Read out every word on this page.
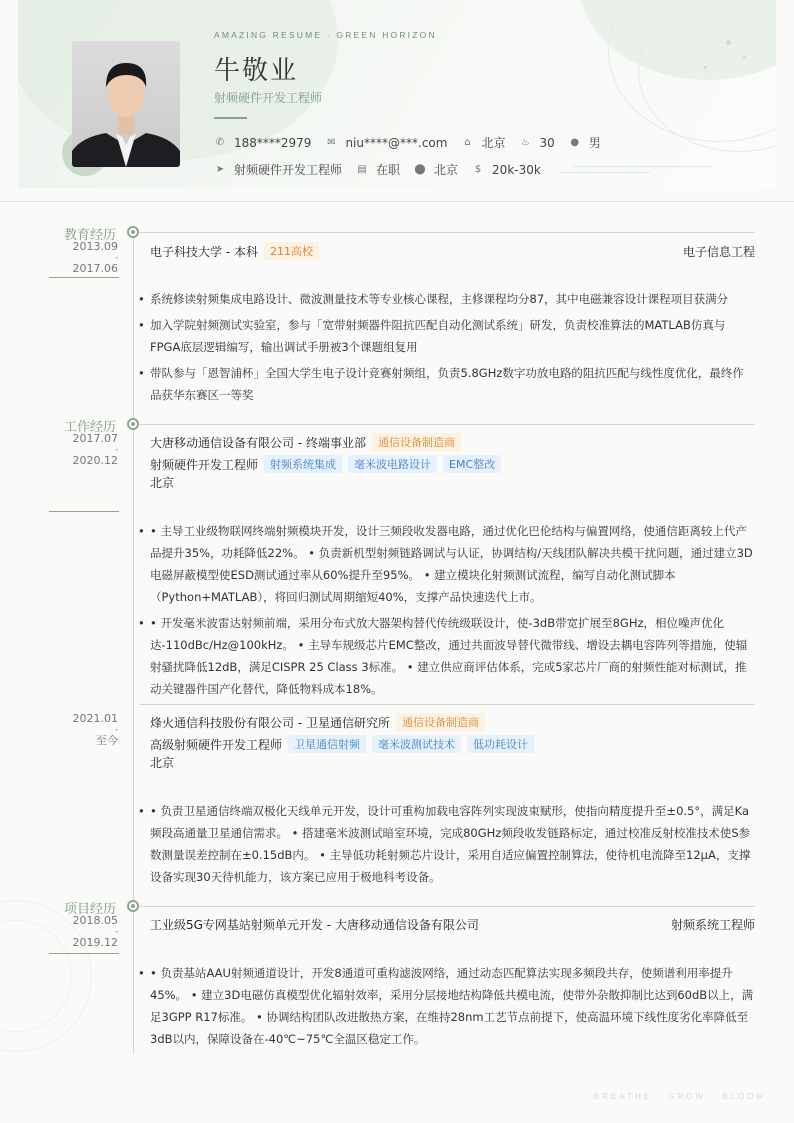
AMAZING RESUME · GREEN HORIZON
牛敬业
射频硬件开发工程师
✆ 188****2979 ✉ niu****@***.com ⌂ 北京 ♨ 30 ● 男
➤ 射频硬件开发工程师 ▤ 在职 ⬤ 北京 $ 20k-30k
教育经历
2013.09
-
2017.06
电子科技大学 - 本科	211高校	电子信息工程
• 系统修读射频集成电路设计、微波测量技术等专业核心课程，主修课程均分87，其中电磁兼容设计课程项目获满分
• 加入学院射频测试实验室，参与「宽带射频器件阻抗匹配自动化测试系统」研发，负责校准算法的MATLAB仿真与FPGA底层逻辑编写，输出调试手册被3个课题组复用
• 带队参与「恩智浦杯」全国大学生电子设计竞赛射频组，负责5.8GHz数字功放电路的阻抗匹配与线性度优化，最终作品获华东赛区一等奖
工作经历
2017.07
-
2020.12
大唐移动通信设备有限公司 - 终端事业部	通信设备制造商
射频硬件开发工程师	射频系统集成	毫米波电路设计	EMC整改
北京
• • 主导工业级物联网终端射频模块开发，设计三频段收发器电路，通过优化巴伦结构与偏置网络，使通信距离较上代产品提升35%，功耗降低22%。 • 负责新机型射频链路调试与认证，协调结构/天线团队解决共模干扰问题，通过建立3D电磁屏蔽模型使ESD测试通过率从60%提升至95%。 • 建立模块化射频测试流程，编写自动化测试脚本（Python+MATLAB），将回归测试周期缩短40%，支撑产品快速迭代上市。
• • 开发毫米波雷达射频前端，采用分布式放大器架构替代传统级联设计，使-3dB带宽扩展至8GHz，相位噪声优化达-110dBc/Hz@100kHz。 • 主导车规级芯片EMC整改，通过共面波导替代微带线、增设去耦电容阵列等措施，使辐射骚扰降低12dB，满足CISPR 25 Class 3标准。 • 建立供应商评估体系，完成5家芯片厂商的射频性能对标测试，推动关键器件国产化替代，降低物料成本18%。
2021.01
-
至今
烽火通信科技股份有限公司 - 卫星通信研究所	通信设备制造商
高级射频硬件开发工程师	卫星通信射频	毫米波测试技术	低功耗设计
北京
• • 负责卫星通信终端双极化天线单元开发，设计可重构加载电容阵列实现波束赋形，使指向精度提升至±0.5°，满足Ka频段高通量卫星通信需求。 • 搭建毫米波测试暗室环境，完成80GHz频段收发链路标定，通过校准反射校准技术使S参数测量误差控制在±0.15dB内。 • 主导低功耗射频芯片设计，采用自适应偏置控制算法，使待机电流降至12μA，支撑设备实现30天待机能力，该方案已应用于极地科考设备。
项目经历
2018.05
-
2019.12
工业级5G专网基站射频单元开发 - 大唐移动通信设备有限公司	射频系统工程师
• • 负责基站AAU射频通道设计，开发8通道可重构滤波网络，通过动态匹配算法实现多频段共存，使频谱利用率提升45%。 • 建立3D电磁仿真模型优化辐射效率，采用分层接地结构降低共模电流，使带外杂散抑制比达到60dB以上，满足3GPP R17标准。 • 协调结构团队改进散热方案，在维持28nm工艺节点前提下，使高温环境下线性度劣化率降低至3dB以内，保障设备在-40℃~75℃全温区稳定工作。
BREATHE · GROW · BLOOM
